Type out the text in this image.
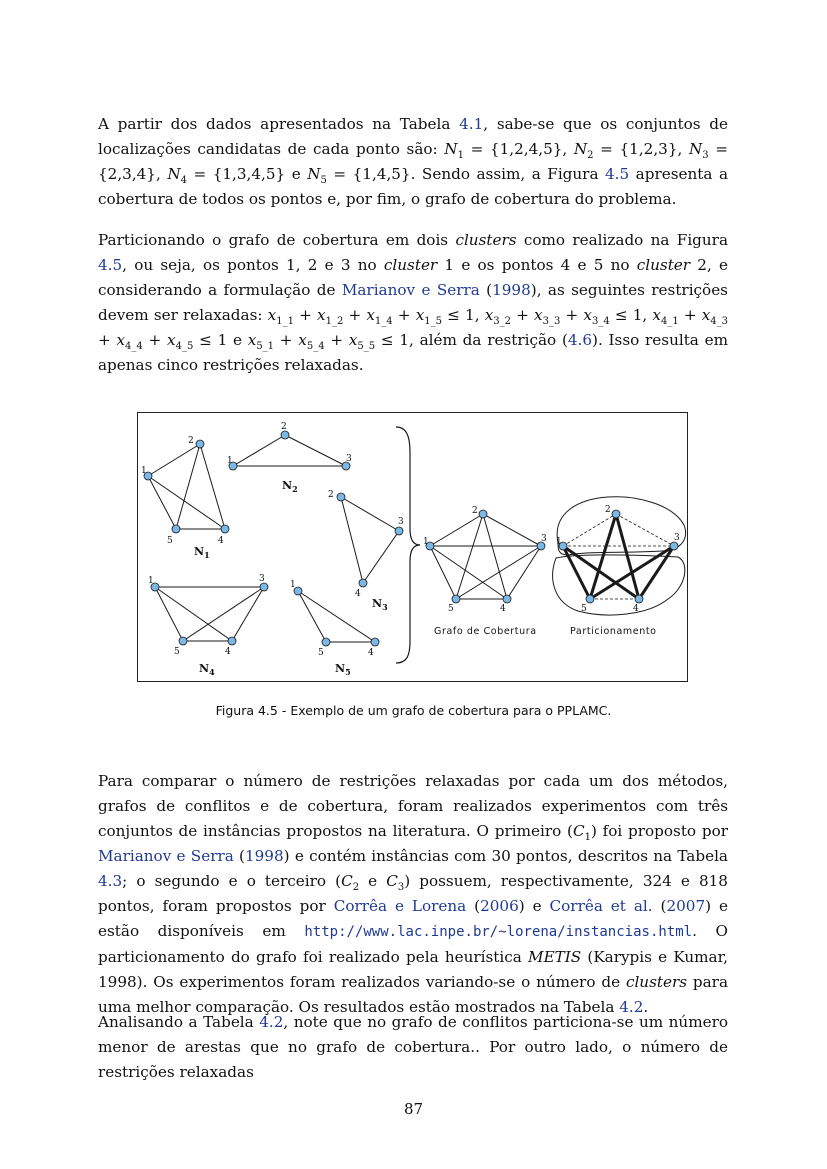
A partir dos dados apresentados na Tabela 4.1, sabe-se que os conjuntos de localizações candidatas de cada ponto são: $N_1 = \{1,2,4,5\}$, $N_2 = \{1,2,3\}$, $N_3 = \{2,3,4\}$, $N_4 = \{1,3,4,5\}$ e $N_5 = \{1,4,5\}$. Sendo assim, a Figura 4.5 apresenta a cobertura de todos os pontos e, por fim, o grafo de cobertura do problema.

Particionando o grafo de cobertura em dois clusters como realizado na Figura 4.5, ou seja, os pontos 1, 2 e 3 no cluster 1 e os pontos 4 e 5 no cluster 2, e considerando a formulação de Marianov e Serra (1998), as seguintes restrições devem ser relaxadas: $x_{1\_1} + x_{1\_2} + x_{1\_4} + x_{1\_5} \le 1$, $x_{3\_2} + x_{3\_3} + x_{3\_4} \le 1$, $x_{4\_1} + x_{4\_3} + x_{4\_4} + x_{4\_5} \le 1$ e $x_{5\_1} + x_{5\_4} + x_{5\_5} \le 1$, além da restrição (4.6). Isso resulta em apenas cinco restrições relaxadas.

1
2
5	4
1
2
3
2
3
4
1	3
5	4
1
5	4
1
2
3
5	4
1
2
3
5	4
$N_1$
$N_2$
$N_3$
$N_4$	$N_5$
Grafo de Cobertura	Particionamento
Figura 4.5 - Exemplo de um grafo de cobertura para o PPLAMC.

Para comparar o número de restrições relaxadas por cada um dos métodos, grafos de conflitos e de cobertura, foram realizados experimentos com três conjuntos de instâncias propostos na literatura. O primeiro $(C_1)$ foi proposto por Marianov e Serra (1998) e contém instâncias com 30 pontos, descritos na Tabela 4.3; o segundo e o terceiro ($C_2$ e $C_3$) possuem, respectivamente, 324 e 818 pontos, foram propostos por Corrêa e Lorena (2006) e Corrêa et al. (2007) e estão disponíveis em http://www.lac.inpe.br/~lorena/instancias.html. O particionamento do grafo foi realizado pela heurística METIS (Karypis e Kumar, 1998). Os experimentos foram realizados variando-se o número de clusters para uma melhor comparação. Os resultados estão mostrados na Tabela 4.2.

Analisando a Tabela 4.2, note que no grafo de conflitos particiona-se um número menor de arestas que no grafo de cobertura.. Por outro lado, o número de restrições relaxadas

87
